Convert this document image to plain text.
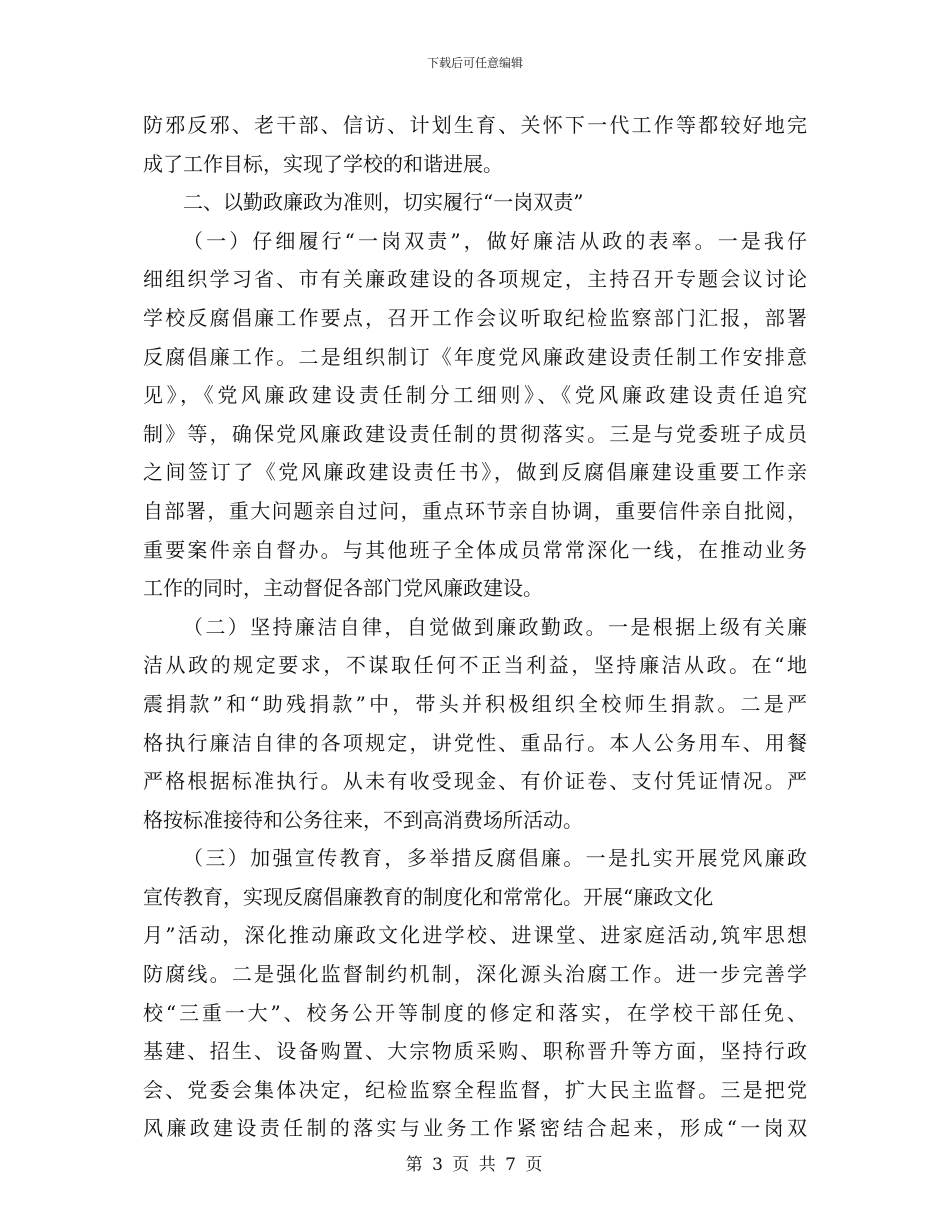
下载后可任意编辑
防邪反邪、老干部、信访、计划生育、关怀下一代工作等都较好地完
成了工作目标，实现了学校的和谐进展。
二、以勤政廉政为准则，切实履行“一岗双责”
（一）仔细履行“一岗双责”，做好廉洁从政的表率。一是我仔
细组织学习省、市有关廉政建设的各项规定，主持召开专题会议讨论
学校反腐倡廉工作要点，召开工作会议听取纪检监察部门汇报，部署
反腐倡廉工作。二是组织制订《年度党风廉政建设责任制工作安排意
见》，《党风廉政建设责任制分工细则》、《党风廉政建设责任追究
制》等，确保党风廉政建设责任制的贯彻落实。三是与党委班子成员
之间签订了《党风廉政建设责任书》，做到反腐倡廉建设重要工作亲
自部署，重大问题亲自过问，重点环节亲自协调，重要信件亲自批阅，
重要案件亲自督办。与其他班子全体成员常常深化一线，在推动业务
工作的同时，主动督促各部门党风廉政建设。
（二）坚持廉洁自律，自觉做到廉政勤政。一是根据上级有关廉
洁从政的规定要求，不谋取任何不正当利益，坚持廉洁从政。在“地
震捐款”和“助残捐款”中，带头并积极组织全校师生捐款。二是严
格执行廉洁自律的各项规定，讲党性、重品行。本人公务用车、用餐
严格根据标准执行。从未有收受现金、有价证卷、支付凭证情况。严
格按标准接待和公务往来，不到高消费场所活动。
（三）加强宣传教育，多举措反腐倡廉。一是扎实开展党风廉政
宣传教育，实现反腐倡廉教育的制度化和常常化。开展“廉政文化
月”活动，深化推动廉政文化进学校、进课堂、进家庭活动,筑牢思想
防腐线。二是强化监督制约机制，深化源头治腐工作。进一步完善学
校“三重一大”、校务公开等制度的修定和落实，在学校干部任免、
基建、招生、设备购置、大宗物质采购、职称晋升等方面，坚持行政
会、党委会集体决定，纪检监察全程监督，扩大民主监督。三是把党
风廉政建设责任制的落实与业务工作紧密结合起来，形成“一岗双
第 3 页 共 7 页
